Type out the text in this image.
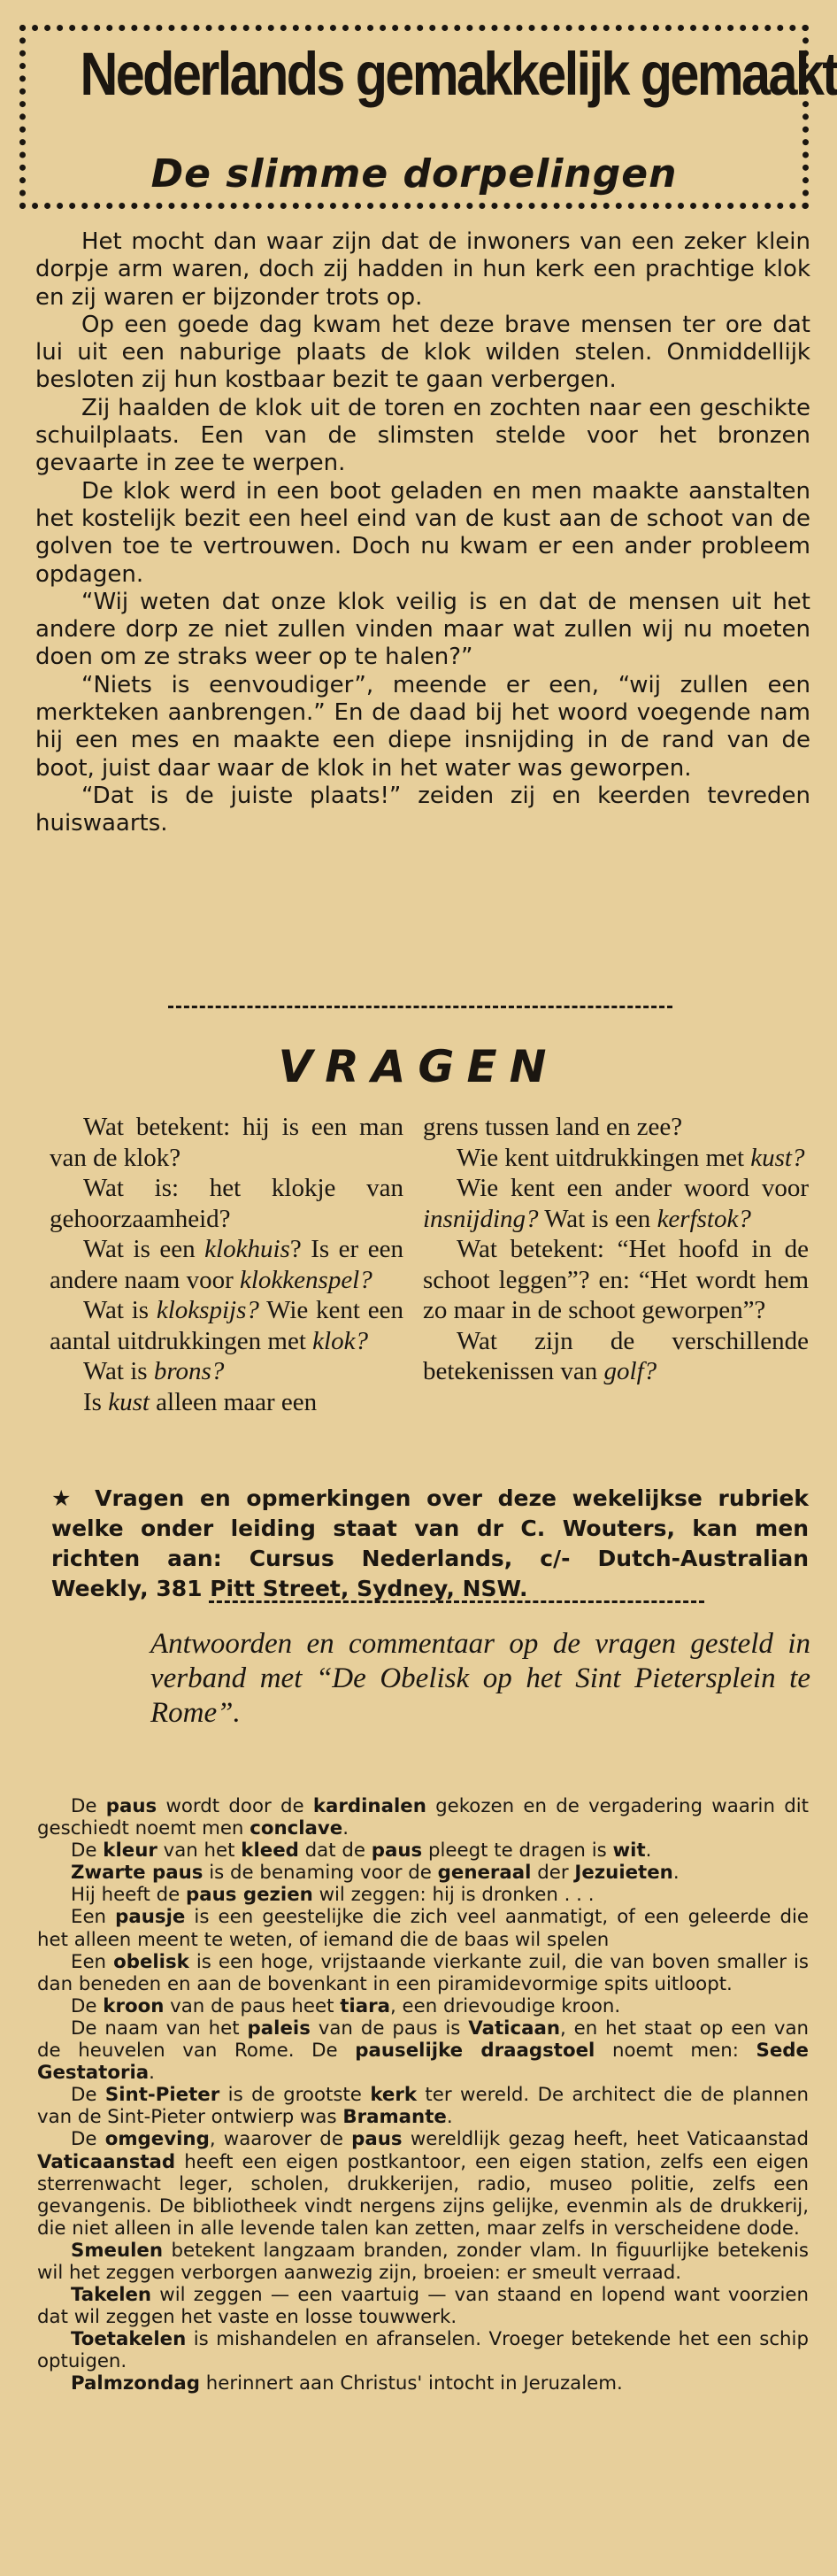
Nederlands gemakkelijk gemaakt
De slimme dorpelingen

Het mocht dan waar zijn dat de inwoners van een zeker klein dorpje arm waren, doch zij hadden in hun kerk een prachtige klok en zij waren er bijzonder trots op.

Op een goede dag kwam het deze brave mensen ter ore dat lui uit een naburige plaats de klok wilden stelen. Onmiddellijk besloten zij hun kostbaar bezit te gaan verbergen.

Zij haalden de klok uit de toren en zochten naar een geschikte schuilplaats. Een van de slimsten stelde voor het bronzen gevaarte in zee te werpen.

De klok werd in een boot geladen en men maakte aanstalten het kostelijk bezit een heel eind van de kust aan de schoot van de golven toe te vertrouwen. Doch nu kwam er een ander probleem opdagen.

“Wij weten dat onze klok veilig is en dat de mensen uit het andere dorp ze niet zullen vinden maar wat zullen wij nu moeten doen om ze straks weer op te halen?”

“Niets is eenvoudiger”, meende er een, “wij zullen een merkteken aanbrengen.” En de daad bij het woord voegende nam hij een mes en maakte een diepe insnijding in de rand van de boot, juist daar waar de klok in het water was geworpen.

“Dat is de juiste plaats!” zeiden zij en keerden tevreden huiswaarts.

VRAGEN

Wat betekent: hij is een man van de klok?

Wat is: het klokje van gehoorzaamheid?

Wat is een klokhuis? Is er een andere naam voor klokkenspel?

Wat is klokspijs? Wie kent een aantal uitdrukkingen met klok?

Wat is brons?

Is kust alleen maar een

grens tussen land en zee?

Wie kent uitdrukkingen met kust?

Wie kent een ander woord voor insnijding? Wat is een kerfstok?

Wat betekent: “Het hoofd in de schoot leggen”? en: “Het wordt hem zo maar in de schoot geworpen”?

Wat zijn de verschillende betekenissen van golf?

★ Vragen en opmerkingen over deze wekelijkse rubriek welke onder leiding staat van dr C. Wouters, kan men richten aan: Cursus Nederlands, c/- Dutch-Australian Weekly, 381 Pitt Street, Sydney, NSW.
Antwoorden en commentaar op de vragen gesteld in verband met “De Obelisk op het Sint Pietersplein te Rome”.

De paus wordt door de kardinalen gekozen en de vergadering waarin dit geschiedt noemt men conclave.

De kleur van het kleed dat de paus pleegt te dragen is wit.

Zwarte paus is de benaming voor de generaal der Jezuieten.

Hij heeft de paus gezien wil zeggen: hij is dronken . . .

Een pausje is een geestelijke die zich veel aanmatigt, of een geleerde die het alleen meent te weten, of iemand die de baas wil spelen

Een obelisk is een hoge, vrijstaande vierkante zuil, die van boven smaller is dan beneden en aan de bovenkant in een piramidevormige spits uitloopt.

De kroon van de paus heet tiara, een drievoudige kroon.

De naam van het paleis van de paus is Vaticaan, en het staat op een van de heuvelen van Rome. De pauselijke draagstoel noemt men: Sede Gestatoria.

De Sint-Pieter is de grootste kerk ter wereld. De architect die de plannen van de Sint-Pieter ontwierp was Bramante.

De omgeving, waarover de paus wereldlijk gezag heeft, heet Vaticaanstad Vaticaanstad heeft een eigen postkantoor, een eigen station, zelfs een eigen sterrenwacht leger, scholen, drukkerijen, radio, museo politie, zelfs een gevangenis. De bibliotheek vindt nergens zijns gelijke, evenmin als de drukkerij, die niet alleen in alle levende talen kan zetten, maar zelfs in verscheidene dode.

Smeulen betekent langzaam branden, zonder vlam. In figuurlijke betekenis wil het zeggen verborgen aanwezig zijn, broeien: er smeult verraad.

Takelen wil zeggen — een vaartuig — van staand en lopend want voorzien dat wil zeggen het vaste en losse touwwerk.

Toetakelen is mishandelen en afranselen. Vroeger betekende het een schip optuigen.

Palmzondag herinnert aan Christus' intocht in Jeruzalem.
